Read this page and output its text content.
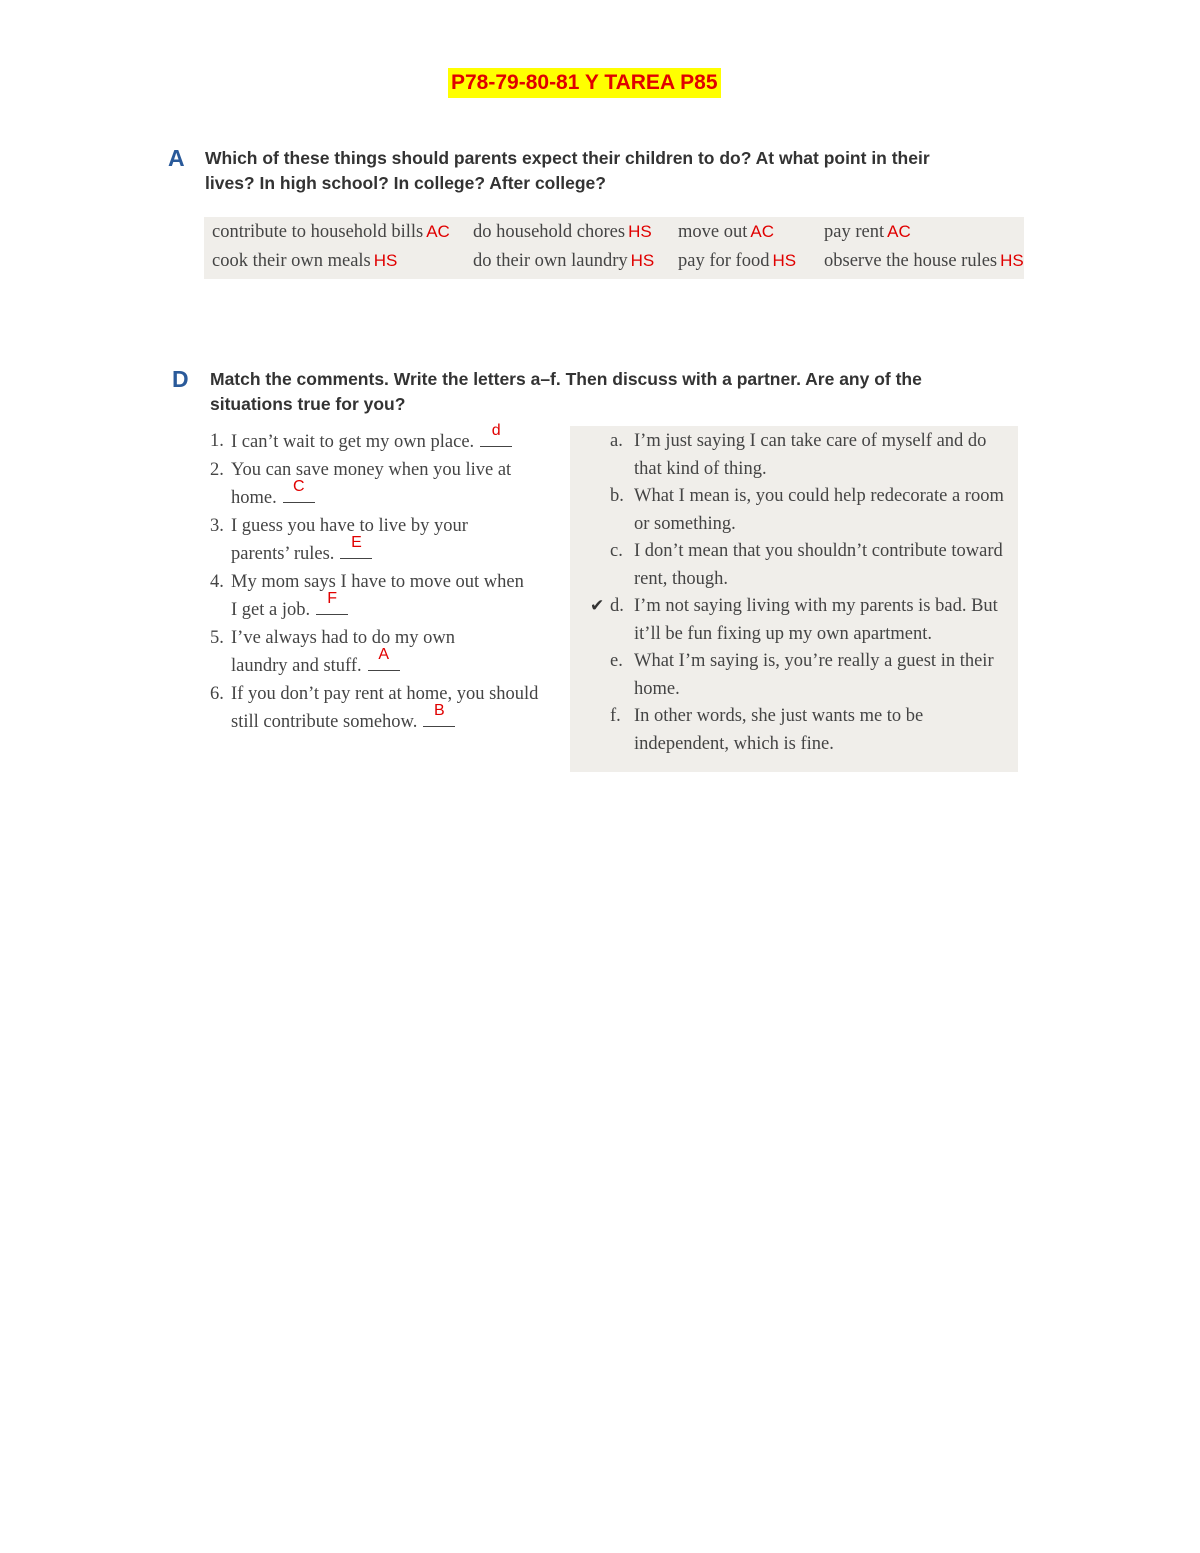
P78-79-80-81 Y TAREA P85
A Which of these things should parents expect their children to do? At what point in their
lives? In high school? In college? After college?
contribute to household bills AC do household chores HS move out AC	pay rent AC
cook their own meals HS	do their own laundry HS pay for food HS observe the house rules HS
D Match the comments. Write the letters a–f. Then discuss with a partner. Are any of the
situations true for you?
1. I can’t wait to get my own place.
d
2. You can save money when you live at home.
C
3. I guess you have to live by your parents’ rules.
E
4. My mom says I have to move out when I get a job.
F
5. I’ve always had to do my own laundry and stuff.
A
6. If you don’t pay rent at home, you should still contribute somehow.
B
a. I’m just saying I can take care of myself and do that kind of thing.
b. What I mean is, you could help redecorate a room or something.
c. I don’t mean that you shouldn’t contribute toward rent, though.
✔ d. I’m not saying living with my parents is bad. But it’ll be fun fixing up my own apartment.
e. What I’m saying is, you’re really a guest in their home.
f. In other words, she just wants me to be independent, which is fine.
